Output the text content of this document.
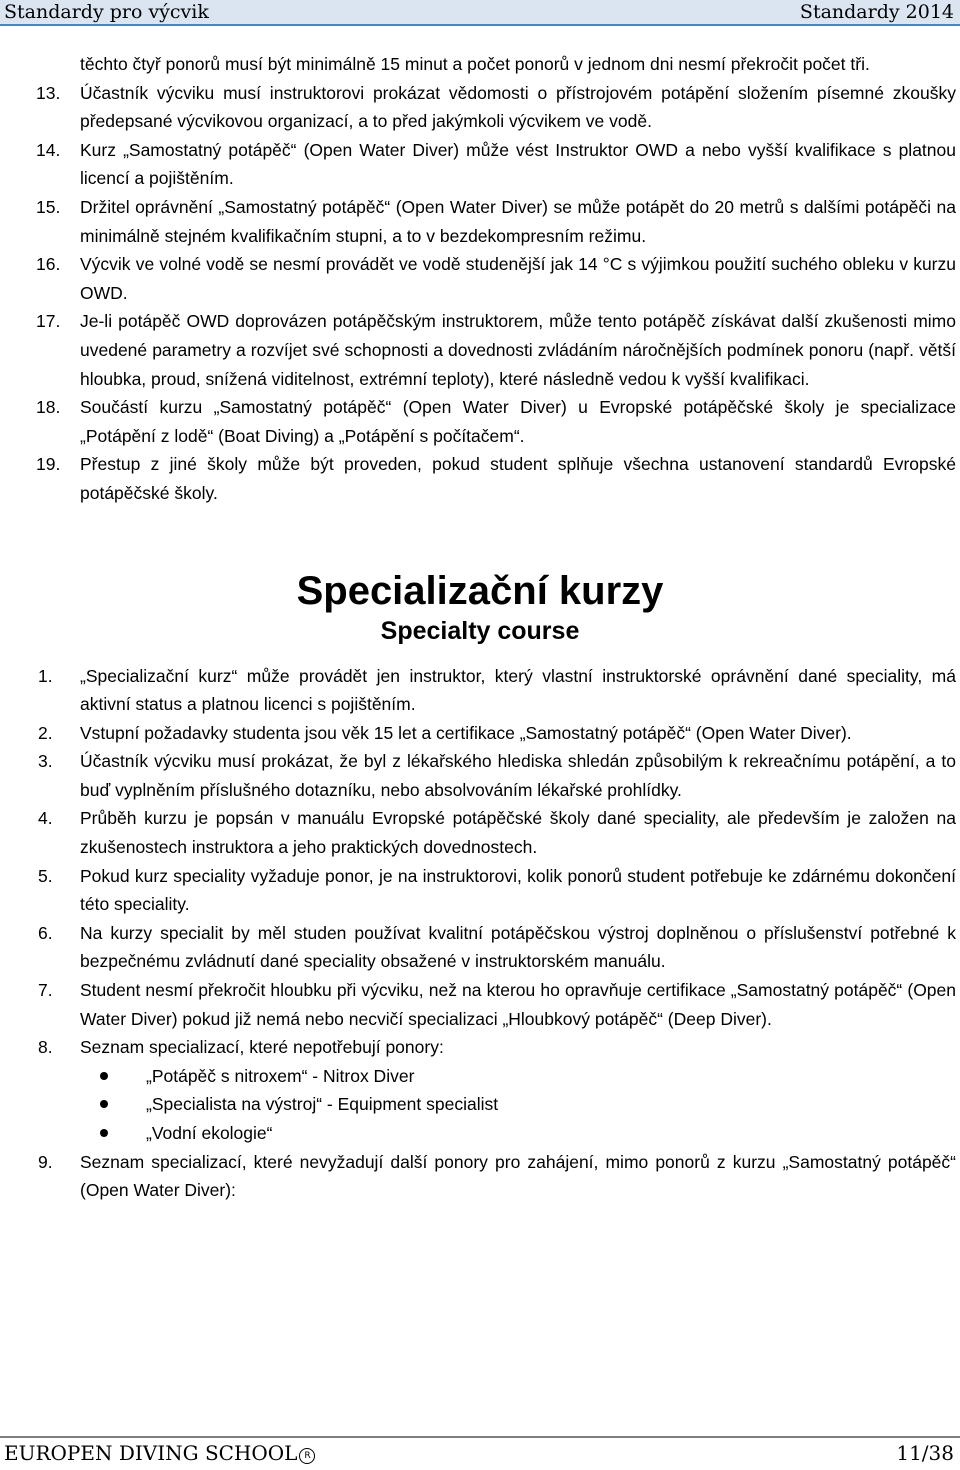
Standardy pro výcvik	Standardy 2014

těchto čtyř ponorů musí být minimálně 15 minut a počet ponorů v jednom dni nesmí překročit počet tři.

13. Účastník výcviku musí instruktorovi prokázat vědomosti o přístrojovém potápění složením písemné zkoušky předepsané výcvikovou organizací, a to před jakýmkoli výcvikem ve vodě.
14. Kurz „Samostatný potápěč“ (Open Water Diver) může vést Instruktor OWD a nebo vyšší kvalifikace s platnou licencí a pojištěním.
15. Držitel oprávnění „Samostatný potápěč“ (Open Water Diver) se může potápět do 20 metrů s dalšími potápěči na minimálně stejném kvalifikačním stupni, a to v bezdekompresním režimu.
16. Výcvik ve volné vodě se nesmí provádět ve vodě studenější jak 14 °C s výjimkou použití suchého obleku v kurzu OWD.
17. Je-li potápěč OWD doprovázen potápěčským instruktorem, může tento potápěč získávat další zkušenosti mimo uvedené parametry a rozvíjet své schopnosti a dovednosti zvládáním náročnějších podmínek ponoru (např. větší hloubka, proud, snížená viditelnost, extrémní teploty), které následně vedou k vyšší kvalifikaci.
18. Součástí kurzu „Samostatný potápěč“ (Open Water Diver) u Evropské potápěčské školy je specializace „Potápění z lodě“ (Boat Diving) a „Potápění s počítačem“.
19. Přestup z jiné školy může být proveden, pokud student splňuje všechna ustanovení standardů Evropské potápěčské školy.
Specializační kurzy
Specialty course
1. „Specializační kurz“ může provádět jen instruktor, který vlastní instruktorské oprávnění dané speciality, má aktivní status a platnou licenci s pojištěním.
2. Vstupní požadavky studenta jsou věk 15 let a certifikace „Samostatný potápěč“ (Open Water Diver).
3. Účastník výcviku musí prokázat, že byl z lékařského hlediska shledán způsobilým k rekreačnímu potápění, a to buď vyplněním příslušného dotazníku, nebo absolvováním lékařské prohlídky.
4. Průběh kurzu je popsán v manuálu Evropské potápěčské školy dané speciality, ale především je založen na zkušenostech instruktora a jeho praktických dovednostech.
5. Pokud kurz speciality vyžaduje ponor, je na instruktorovi, kolik ponorů student potřebuje ke zdárnému dokončení této speciality.
6. Na kurzy specialit by měl studen používat kvalitní potápěčskou výstroj doplněnou o příslušenství potřebné k bezpečnému zvládnutí dané speciality obsažené v instruktorském manuálu.
7. Student nesmí překročit hloubku při výcviku, než na kterou ho opravňuje certifikace „Samostatný potápěč“ (Open Water Diver) pokud již nemá nebo necvičí specializaci „Hloubkový potápěč“ (Deep Diver).
8. Seznam specializací, které nepotřebují ponory:
„Potápěč s nitroxem“ - Nitrox Diver
„Specialista na výstroj“ - Equipment specialist
„Vodní ekologie“
9. Seznam specializací, které nevyžadují další ponory pro zahájení, mimo ponorů z kurzu „Samostatný potápěč“ (Open Water Diver):
EUROPEN DIVING SCHOOL R	11/38
